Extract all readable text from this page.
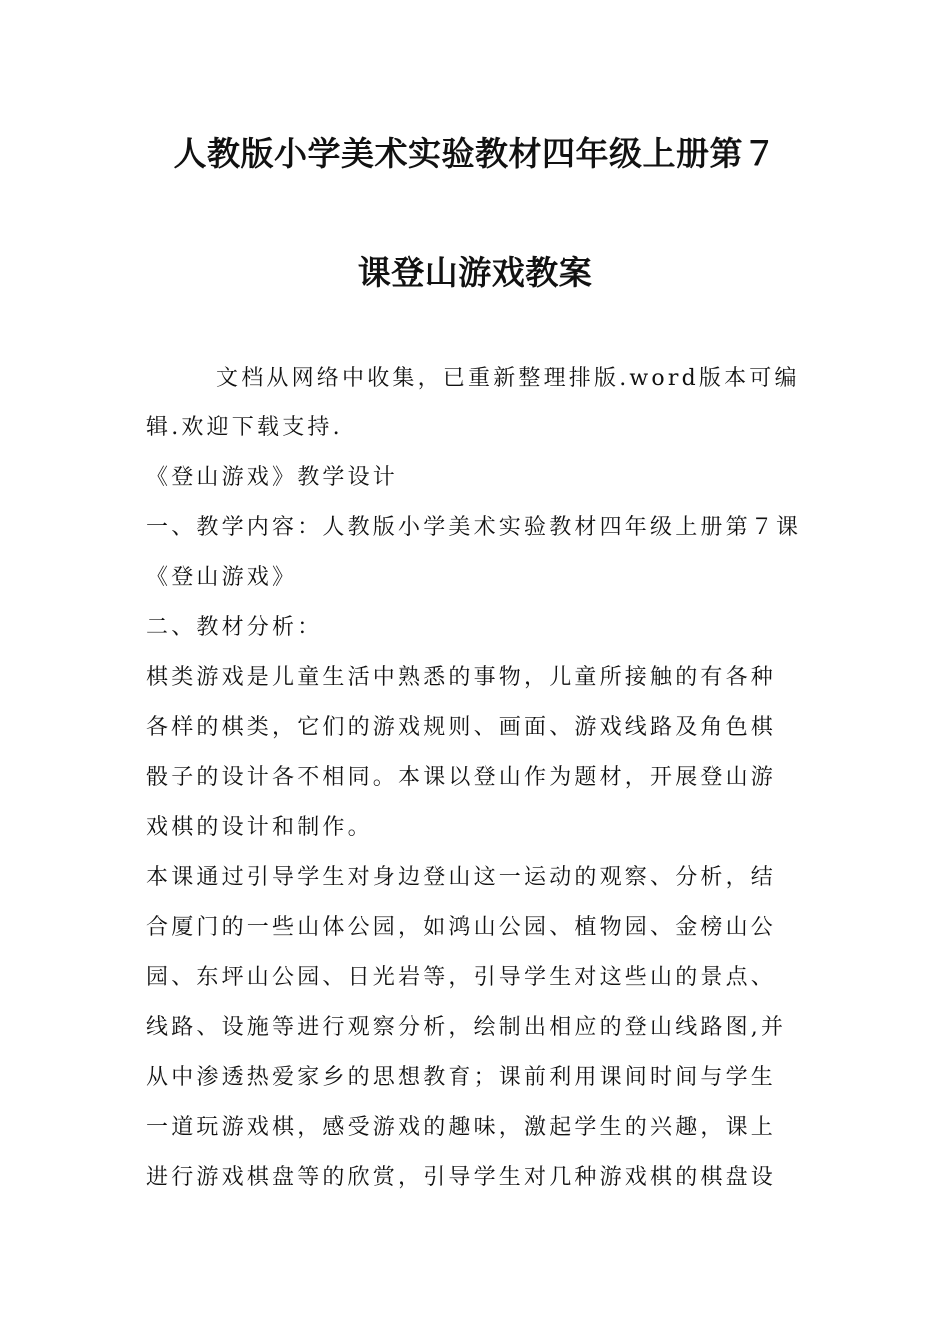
人教版小学美术实验教材四年级上册第７
课登山游戏教案
文档从网络中收集，已重新整理排版.word版本可编
辑.欢迎下载支持.
《登山游戏》教学设计
一、教学内容：人教版小学美术实验教材四年级上册第７课
《登山游戏》
二、教材分析：
棋类游戏是儿童生活中熟悉的事物，儿童所接触的有各种
各样的棋类，它们的游戏规则、画面、游戏线路及角色棋
骰子的设计各不相同。本课以登山作为题材，开展登山游
戏棋的设计和制作。
本课通过引导学生对身边登山这一运动的观察、分析，结
合厦门的一些山体公园，如鸿山公园、植物园、金榜山公
园、东坪山公园、日光岩等，引导学生对这些山的景点、
线路、设施等进行观察分析，绘制出相应的登山线路图,并
从中渗透热爱家乡的思想教育；课前利用课间时间与学生
一道玩游戏棋，感受游戏的趣味，激起学生的兴趣，课上
进行游戏棋盘等的欣赏，引导学生对几种游戏棋的棋盘设
